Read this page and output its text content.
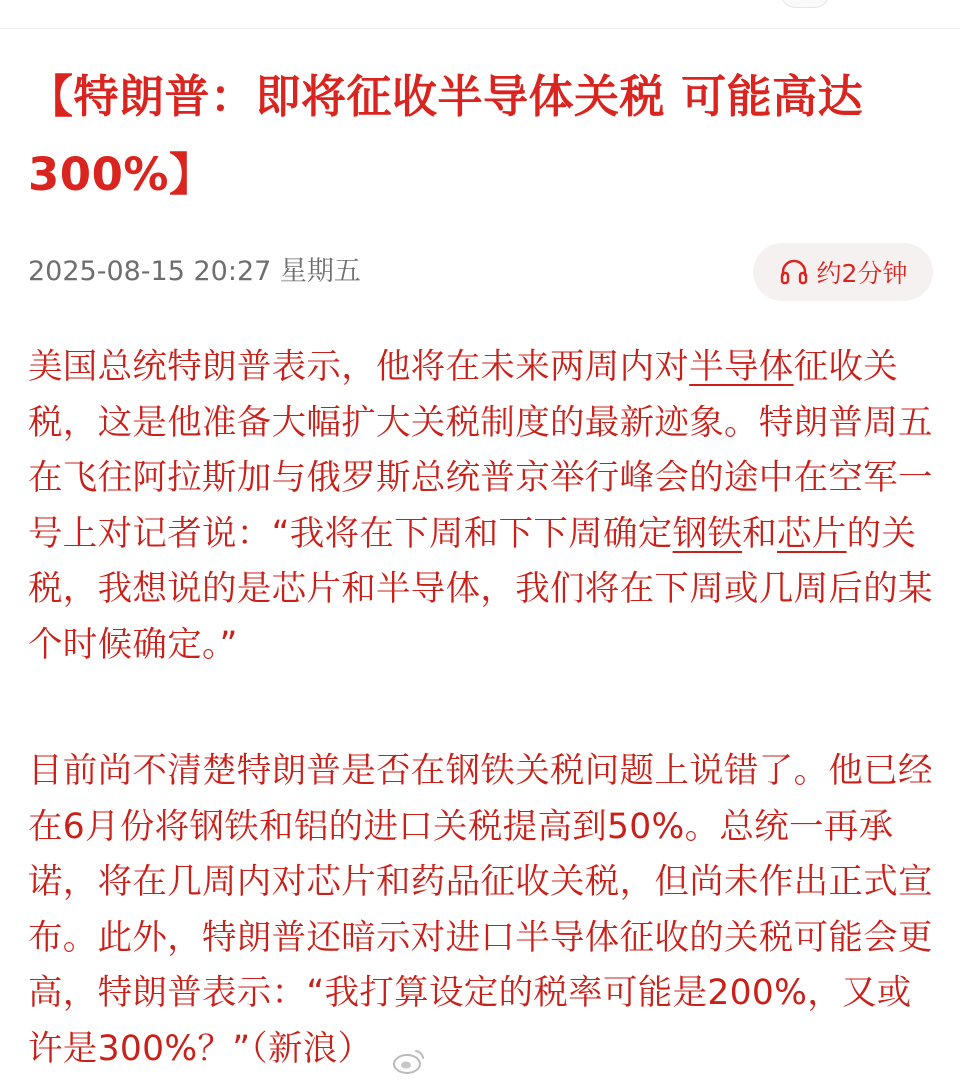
【特朗普：即将征收半导体关税 可能高达300%】
2025-08-15 20:27 星期五	约2分钟

美国总统特朗普表示，他将在未来两周内对半导体征收关税，这是他准备大幅扩大关税制度的最新迹象。特朗普周五在飞往阿拉斯加与俄罗斯总统普京举行峰会的途中在空军一号上对记者说：“我将在下周和下下周确定钢铁和芯片的关税，我想说的是芯片和半导体，我们将在下周或几周后的某个时候确定。”

目前尚不清楚特朗普是否在钢铁关税问题上说错了。他已经在6月份将钢铁和铝的进口关税提高到50%。总统一再承诺，将在几周内对芯片和药品征收关税，但尚未作出正式宣布。此外，特朗普还暗示对进口半导体征收的关税可能会更高，特朗普表示：“我打算设定的税率可能是200%，又或许是300%？”（新浪）
